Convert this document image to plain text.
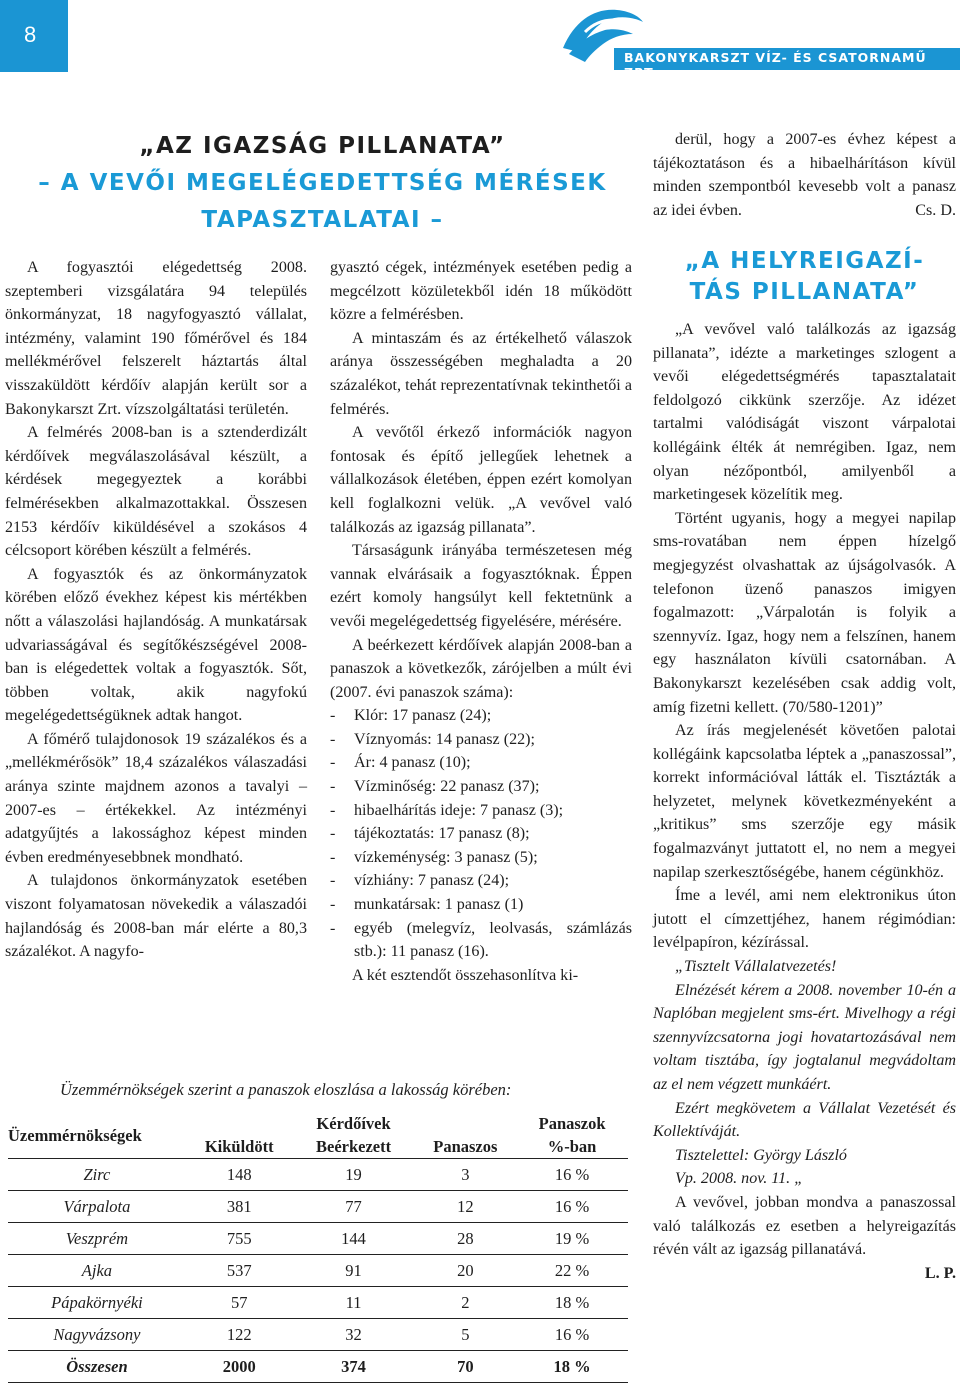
8
BAKONYKARSZT VÍZ- ÉS CSATORNAMŰ ZRT.
„AZ IGAZSÁG PILLANATA”
– A VEVŐI MEGELÉGEDETTSÉG MÉRÉSEK
TAPASZTALATAI –

derül, hogy a 2007-es évhez képest a tájékoztatáson és a hibaelhárításon kívül minden szempontból kevesebb volt a panasz az idei évben.	Cs. D.

A fogyasztói elégedettség 2008. szeptemberi vizsgálatára 94 település önkormányzat, 18 nagyfogyasztó vállalat, intézmény, valamint 190 főmérővel és 184 mellékmérővel felszerelt háztartás által visszaküldött kérdőív alapján került sor a Bakonykarszt Zrt. vízszolgáltatási területén.

A felmérés 2008-ban is a sztenderdizált kérdőívek megválaszolásával készült, a kérdések megegyeztek a korábbi felmérésekben alkalmazottakkal. Összesen 2153 kérdőív kiküldésével a szokásos 4 célcsoport körében készült a felmérés.

A fogyasztók és az önkormányzatok körében előző évekhez képest kis mértékben nőtt a válaszolási hajlandóság. A munkatársak udvariasságával és segítőkészségével 2008-ban is elégedettek voltak a fogyasztók. Sőt, többen voltak, akik nagyfokú megelégedettségüknek adtak hangot.

A főmérő tulajdonosok 19 százalékos és a „mellékmérősök” 18,4 százalékos válaszadási aránya szinte majdnem azonos a tavalyi – 2007-es – értékekkel. Az intézményi adatgyűjtés a lakossághoz képest minden évben eredményesebbnek mondható.

A tulajdonos önkormányzatok esetében viszont folyamatosan növekedik a válaszadói hajlandóság és 2008-ban már elérte a 80,3 százalékot. A nagyfo-

gyasztó cégek, intézmények esetében pedig a megcélzott közületekből idén 18 működött közre a felmérésben.

A mintaszám és az értékelhető válaszok aránya összességében meghaladta a 20 százalékot, tehát reprezentatívnak tekinthetői a felmérés.

A vevőtől érkező információk nagyon fontosak és építő jellegűek lehetnek a vállalkozások életében, éppen ezért komolyan kell foglalkozni velük. „A vevővel való találkozás az igazság pillanata”.

Társaságunk irányába természetesen még vannak elvárásaik a fogyasztóknak. Éppen ezért komoly hangsúlyt kell fektetnünk a vevői megelégedettség figyelésére, mérésére.

A beérkezett kérdőívek alapján 2008-ban a panaszok a következők, zárójelben a múlt évi (2007. évi panaszok száma):

- Klór: 17 panasz (24);
- Víznyomás: 14 panasz (22);
- Ár: 4 panasz (10);
- Vízminőség: 22 panasz (37);
- hibaelhárítás ideje: 7 panasz (3);
- tájékoztatás: 17 panasz (8);
- vízkeménység: 3 panasz (5);
- vízhiány: 7 panasz (24);
- munkatársak: 1 panasz (1)
- egyéb (melegvíz, leolvasás, számlázás stb.): 11 panasz (16).

A két esztendőt összehasonlítva ki-

„A HELYREIGAZÍ-
TÁS PILLANATA”

„A vevővel való találkozás az igazság pillanata”, idézte a marketinges szlogent a vevői elégedettségmérés tapasztalatait feldolgozó cikkünk szerzője. Az idézet tartalmi valódiságát viszont várpalotai kollégáink élték át nemrégiben. Igaz, nem olyan nézőpontból, amilyenből a marketingesek közelítik meg.

Történt ugyanis, hogy a megyei napilap sms-rovatában nem éppen hízelgő megjegyzést olvashattak az újságolvasók. A telefonon üzenő panaszos imigyen fogalmazott: „Várpalotán is folyik a szennyvíz. Igaz, hogy nem a felszínen, hanem egy használaton kívüli csatornában. A Bakonykarszt kezelésében csak addig volt, amíg fizetni kellett. (70/580-1201)”

Az írás megjelenését követően palotai kollégáink kapcsolatba léptek a „panaszossal”, korrekt információval látták el. Tisztázták a helyzetet, melynek következményeként a „kritikus” sms szerzője egy másik fogalmazványt juttatott el, no nem a megyei napilap szerkesztőségébe, hanem cégünkhöz.

Íme a levél, ami nem elektronikus úton jutott el címzettjéhez, hanem régimódian: levélpapíron, kézírással.

„Tisztelt Vállalatvezetés!

Elnézését kérem a 2008. november 10-én a Naplóban megjelent sms-ért. Mivelhogy a régi szennyvízcsatorna jogi hovatartozásával nem voltam tisztába, így jogtalanul megvádoltam az el nem végzett munkáért.

Ezért megkövetem a Vállalat Vezetését és Kollektíváját.

Tisztelettel: György László

Vp. 2008. nov. 11. „

A vevővel, jobban mondva a panaszossal való találkozás ez esetben a helyreigazítás révén vált az igazság pillanatává.

L. P.

Üzemmérnökségek szerint a panaszok eloszlása a lakosság körében:
Üzemmérnökségek		Kérdőívek		Panaszok
	Kiküldött	Beérkezett	Panaszos	%-ban
Zirc	148	19	3	16 %
Várpalota	381	77	12	16 %
Veszprém	755	144	28	19 %
Ajka	537	91	20	22 %
Pápakörnyéki	57	11	2	18 %
Nagyvázsony	122	32	5	16 %
Összesen	2000	374	70	18 %
